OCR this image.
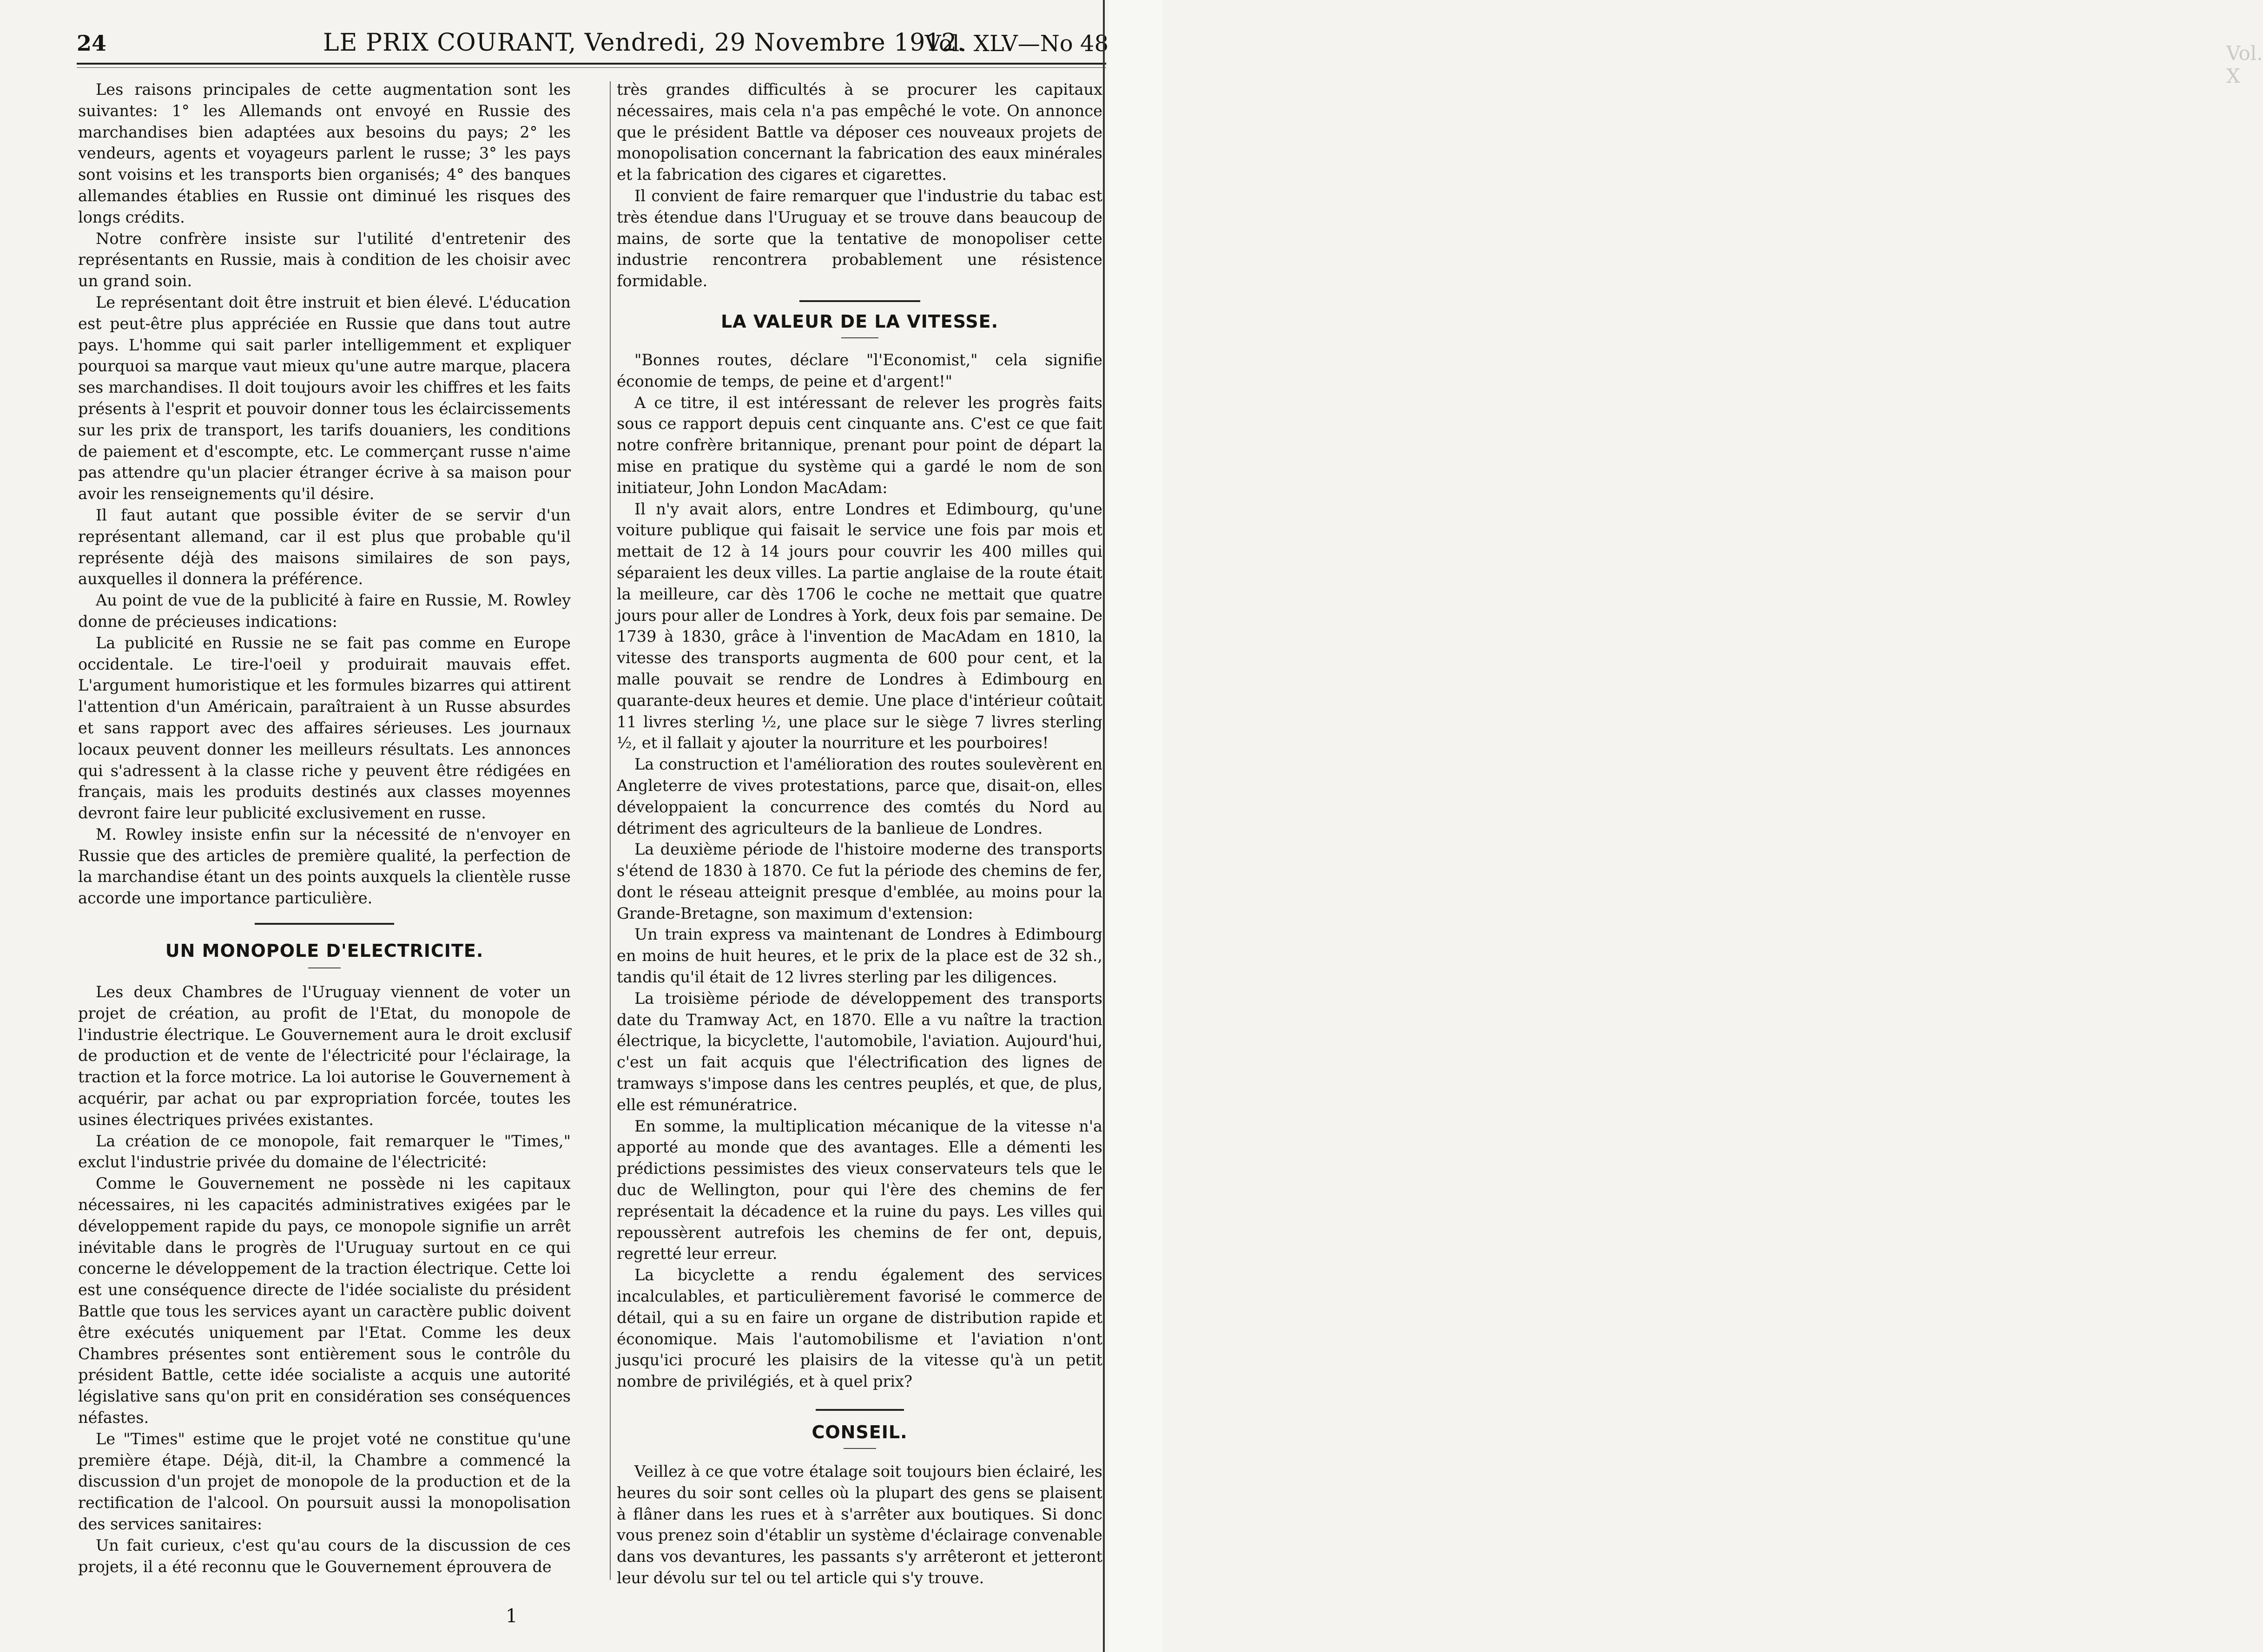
24	LE PRIX COURANT, Vendredi, 29 Novembre 1912.
Vol. XLV—No 48	Vol. X

Les raisons principales de cette augmentation sont les suivantes: 1° les Allemands ont envoyé en Russie des marchandises bien adaptées aux besoins du pays; 2° les vendeurs, agents et voyageurs parlent le russe; 3° les pays sont voisins et les transports bien organisés; 4° des banques allemandes établies en Russie ont diminué les risques des longs crédits.

Notre confrère insiste sur l'utilité d'entretenir des représentants en Russie, mais à condition de les choisir avec un grand soin.

Le représentant doit être instruit et bien élevé. L'éducation est peut-être plus appréciée en Russie que dans tout autre pays. L'homme qui sait parler intelligemment et expliquer pourquoi sa marque vaut mieux qu'une autre marque, placera ses marchandises. Il doit toujours avoir les chiffres et les faits présents à l'esprit et pouvoir donner tous les éclaircissements sur les prix de transport, les tarifs douaniers, les conditions de paiement et d'escompte, etc. Le commerçant russe n'aime pas attendre qu'un placier étranger écrive à sa maison pour avoir les renseignements qu'il désire.

Il faut autant que possible éviter de se servir d'un représentant allemand, car il est plus que probable qu'il représente déjà des maisons similaires de son pays, auxquelles il donnera la préférence.

Au point de vue de la publicité à faire en Russie, M. Rowley donne de précieuses indications:

La publicité en Russie ne se fait pas comme en Europe occidentale. Le tire-l'oeil y produirait mauvais effet. L'argument humoristique et les formules bizarres qui attirent l'attention d'un Américain, paraîtraient à un Russe absurdes et sans rapport avec des affaires sérieuses. Les journaux locaux peuvent donner les meilleurs résultats. Les annonces qui s'adressent à la classe riche y peuvent être rédigées en français, mais les produits destinés aux classes moyennes devront faire leur publicité exclusivement en russe.

M. Rowley insiste enfin sur la nécessité de n'envoyer en Russie que des articles de première qualité, la perfection de la marchandise étant un des points auxquels la clientèle russe accorde une importance particulière.

UN MONOPOLE D'ELECTRICITE.

Les deux Chambres de l'Uruguay viennent de voter un projet de création, au profit de l'Etat, du monopole de l'industrie électrique. Le Gouvernement aura le droit exclusif de production et de vente de l'électricité pour l'éclairage, la traction et la force motrice. La loi autorise le Gouvernement à acquérir, par achat ou par expropriation forcée, toutes les usines électriques privées existantes.

La création de ce monopole, fait remarquer le "Times," exclut l'industrie privée du domaine de l'électricité:

Comme le Gouvernement ne possède ni les capitaux nécessaires, ni les capacités administratives exigées par le développement rapide du pays, ce monopole signifie un arrêt inévitable dans le progrès de l'Uruguay surtout en ce qui concerne le développement de la traction électrique. Cette loi est une conséquence directe de l'idée socialiste du président Battle que tous les services ayant un caractère public doivent être exécutés uniquement par l'Etat. Comme les deux Chambres présentes sont entièrement sous le contrôle du président Battle, cette idée socialiste a acquis une autorité législative sans qu'on prit en considération ses conséquences néfastes.

Le "Times" estime que le projet voté ne constitue qu'une première étape. Déjà, dit-il, la Chambre a commencé la discussion d'un projet de monopole de la production et de la rectification de l'alcool. On poursuit aussi la monopolisation des services sanitaires:

Un fait curieux, c'est qu'au cours de la discussion de ces projets, il a été reconnu que le Gouvernement éprouvera de

très grandes difficultés à se procurer les capitaux nécessaires, mais cela n'a pas empêché le vote. On annonce que le président Battle va déposer ces nouveaux projets de monopolisation concernant la fabrication des eaux minérales et la fabrication des cigares et cigarettes.

Il convient de faire remarquer que l'industrie du tabac est très étendue dans l'Uruguay et se trouve dans beaucoup de mains, de sorte que la tentative de monopoliser cette industrie rencontrera probablement une résistence formidable.

LA VALEUR DE LA VITESSE.

"Bonnes routes, déclare "l'Economist," cela signifie économie de temps, de peine et d'argent!"

A ce titre, il est intéressant de relever les progrès faits sous ce rapport depuis cent cinquante ans. C'est ce que fait notre confrère britannique, prenant pour point de départ la mise en pratique du système qui a gardé le nom de son initiateur, John London MacAdam:

Il n'y avait alors, entre Londres et Edimbourg, qu'une voiture publique qui faisait le service une fois par mois et mettait de 12 à 14 jours pour couvrir les 400 milles qui séparaient les deux villes. La partie anglaise de la route était la meilleure, car dès 1706 le coche ne mettait que quatre jours pour aller de Londres à York, deux fois par semaine. De 1739 à 1830, grâce à l'invention de MacAdam en 1810, la vitesse des transports augmenta de 600 pour cent, et la malle pouvait se rendre de Londres à Edimbourg en quarante-deux heures et demie. Une place d'intérieur coûtait 11 livres sterling ½, une place sur le siège 7 livres sterling ½, et il fallait y ajouter la nourriture et les pourboires!

La construction et l'amélioration des routes soulevèrent en Angleterre de vives protestations, parce que, disait-on, elles développaient la concurrence des comtés du Nord au détriment des agriculteurs de la banlieue de Londres.

La deuxième période de l'histoire moderne des transports s'étend de 1830 à 1870. Ce fut la période des chemins de fer, dont le réseau atteignit presque d'emblée, au moins pour la Grande-Bretagne, son maximum d'extension:

Un train express va maintenant de Londres à Edimbourg en moins de huit heures, et le prix de la place est de 32 sh., tandis qu'il était de 12 livres sterling par les diligences.

La troisième période de développement des transports date du Tramway Act, en 1870. Elle a vu naître la traction électrique, la bicyclette, l'automobile, l'aviation. Aujourd'hui, c'est un fait acquis que l'électrification des lignes de tramways s'impose dans les centres peuplés, et que, de plus, elle est rémunératrice.

En somme, la multiplication mécanique de la vitesse n'a apporté au monde que des avantages. Elle a démenti les prédictions pessimistes des vieux conservateurs tels que le duc de Wellington, pour qui l'ère des chemins de fer représentait la décadence et la ruine du pays. Les villes qui repoussèrent autrefois les chemins de fer ont, depuis, regretté leur erreur.

La bicyclette a rendu également des services incalculables, et particulièrement favorisé le commerce de détail, qui a su en faire un organe de distribution rapide et économique. Mais l'automobilisme et l'aviation n'ont jusqu'ici procuré les plaisirs de la vitesse qu'à un petit nombre de privilégiés, et à quel prix?

CONSEIL.

Veillez à ce que votre étalage soit toujours bien éclairé, les heures du soir sont celles où la plupart des gens se plaisent à flâner dans les rues et à s'arrêter aux boutiques. Si donc vous prenez soin d'établir un système d'éclairage convenable dans vos devantures, les passants s'y arrêteront et jetteront leur dévolu sur tel ou tel article qui s'y trouve.

1
